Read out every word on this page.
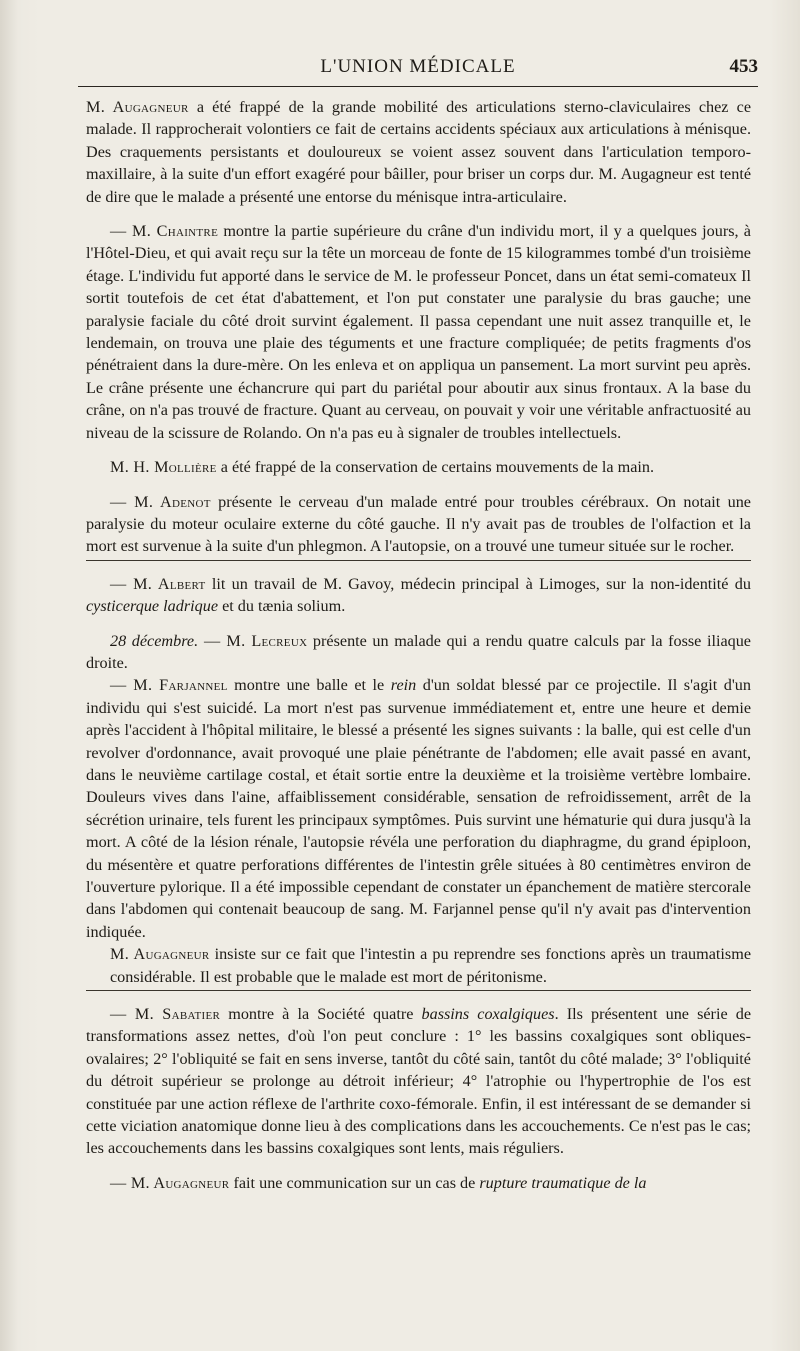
L'UNION MÉDICALE	453

M. Augagneur a été frappé de la grande mobilité des articulations sterno-claviculaires chez ce malade. Il rapprocherait volontiers ce fait de certains accidents spéciaux aux articulations à ménisque. Des craquements persistants et douloureux se voient assez souvent dans l'articulation temporo-maxillaire, à la suite d'un effort exagéré pour bâiller, pour briser un corps dur. M. Augagneur est tenté de dire que le malade a présenté une entorse du ménisque intra-articulaire.

— M. Chaintre montre la partie supérieure du crâne d'un individu mort, il y a quelques jours, à l'Hôtel-Dieu, et qui avait reçu sur la tête un morceau de fonte de 15 kilogrammes tombé d'un troisième étage. L'individu fut apporté dans le service de M. le professeur Poncet, dans un état semi-comateux Il sortit toutefois de cet état d'abattement, et l'on put constater une paralysie du bras gauche; une paralysie faciale du côté droit survint également. Il passa cependant une nuit assez tranquille et, le lendemain, on trouva une plaie des téguments et une fracture compliquée; de petits fragments d'os pénétraient dans la dure-mère. On les enleva et on appliqua un pansement. La mort survint peu après. Le crâne présente une échancrure qui part du pariétal pour aboutir aux sinus frontaux. A la base du crâne, on n'a pas trouvé de fracture. Quant au cerveau, on pouvait y voir une véritable anfractuosité au niveau de la scissure de Rolando. On n'a pas eu à signaler de troubles intellectuels.

M. H. Mollière a été frappé de la conservation de certains mouvements de la main.

— M. Adenot présente le cerveau d'un malade entré pour troubles cérébraux. On notait une paralysie du moteur oculaire externe du côté gauche. Il n'y avait pas de troubles de l'olfaction et la mort est survenue à la suite d'un phlegmon. A l'autopsie, on a trouvé une tumeur située sur le rocher.

— M. Albert lit un travail de M. Gavoy, médecin principal à Limoges, sur la non-identité du cysticerque ladrique et du tænia solium.

28 décembre. — M. Lecreux présente un malade qui a rendu quatre calculs par la fosse iliaque droite.

— M. Farjannel montre une balle et le rein d'un soldat blessé par ce projectile. Il s'agit d'un individu qui s'est suicidé. La mort n'est pas survenue immédiatement et, entre une heure et demie après l'accident à l'hôpital militaire, le blessé a présenté les signes suivants : la balle, qui est celle d'un revolver d'ordonnance, avait provoqué une plaie pénétrante de l'abdomen; elle avait passé en avant, dans le neuvième cartilage costal, et était sortie entre la deuxième et la troisième vertèbre lombaire. Douleurs vives dans l'aine, affaiblissement considérable, sensation de refroidissement, arrêt de la sécrétion urinaire, tels furent les principaux symptômes. Puis survint une hématurie qui dura jusqu'à la mort. A côté de la lésion rénale, l'autopsie révéla une perforation du diaphragme, du grand épiploon, du mésentère et quatre perforations différentes de l'intestin grêle situées à 80 centimètres environ de l'ouverture pylorique. Il a été impossible cependant de constater un épanchement de matière stercorale dans l'abdomen qui contenait beaucoup de sang. M. Farjannel pense qu'il n'y avait pas d'intervention indiquée.

M. Augagneur insiste sur ce fait que l'intestin a pu reprendre ses fonctions après un traumatisme considérable. Il est probable que le malade est mort de péritonisme.

— M. Sabatier montre à la Société quatre bassins coxalgiques. Ils présentent une série de transformations assez nettes, d'où l'on peut conclure : 1° les bassins coxalgiques sont obliques-ovalaires; 2° l'obliquité se fait en sens inverse, tantôt du côté sain, tantôt du côté malade; 3° l'obliquité du détroit supérieur se prolonge au détroit inférieur; 4° l'atrophie ou l'hypertrophie de l'os est constituée par une action réflexe de l'arthrite coxo-fémorale. Enfin, il est intéressant de se demander si cette viciation anatomique donne lieu à des complications dans les accouchements. Ce n'est pas le cas; les accouchements dans les bassins coxalgiques sont lents, mais réguliers.

— M. Augagneur fait une communication sur un cas de rupture traumatique de la
